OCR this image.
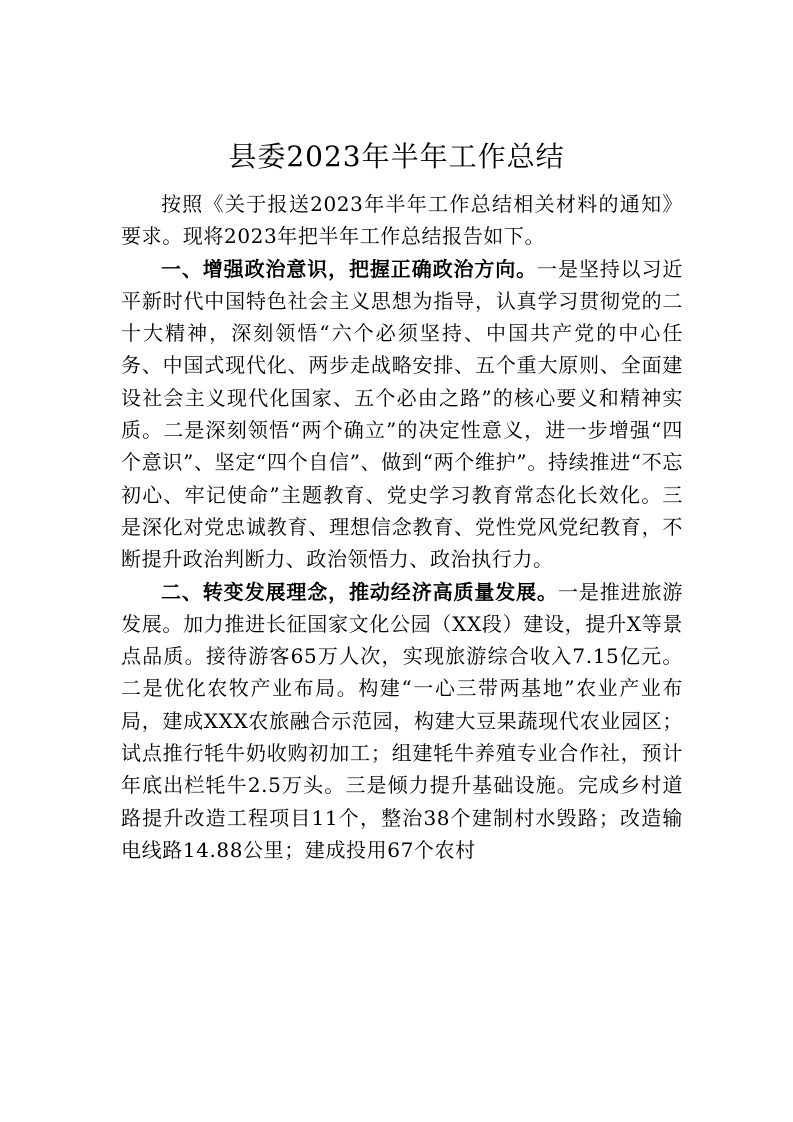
县委2023年半年工作总结

按照《关于报送2023年半年工作总结相关材料的通知》要求。现将2023年把半年工作总结报告如下。

一、增强政治意识，把握正确政治方向。一是坚持以习近平新时代中国特色社会主义思想为指导，认真学习贯彻党的二十大精神，深刻领悟“六个必须坚持、中国共产党的中心任务、中国式现代化、两步走战略安排、五个重大原则、全面建设社会主义现代化国家、五个必由之路”的核心要义和精神实质。二是深刻领悟“两个确立”的决定性意义，进一步增强“四个意识”、坚定“四个自信”、做到“两个维护”。持续推进“不忘初心、牢记使命”主题教育、党史学习教育常态化长效化。三是深化对党忠诚教育、理想信念教育、党性党风党纪教育，不断提升政治判断力、政治领悟力、政治执行力。

二、转变发展理念，推动经济高质量发展。一是推进旅游发展。加力推进长征国家文化公园（XX段）建设，提升X等景点品质。接待游客65万人次，实现旅游综合收入7.15亿元。二是优化农牧产业布局。构建“一心三带两基地”农业产业布局，建成XXX农旅融合示范园，构建大豆果蔬现代农业园区；试点推行牦牛奶收购初加工；组建牦牛养殖专业合作社，预计年底出栏牦牛2.5万头。三是倾力提升基础设施。完成乡村道路提升改造工程项目11个，整治38个建制村水毁路；改造输电线路14.88公里；建成投用67个农村
